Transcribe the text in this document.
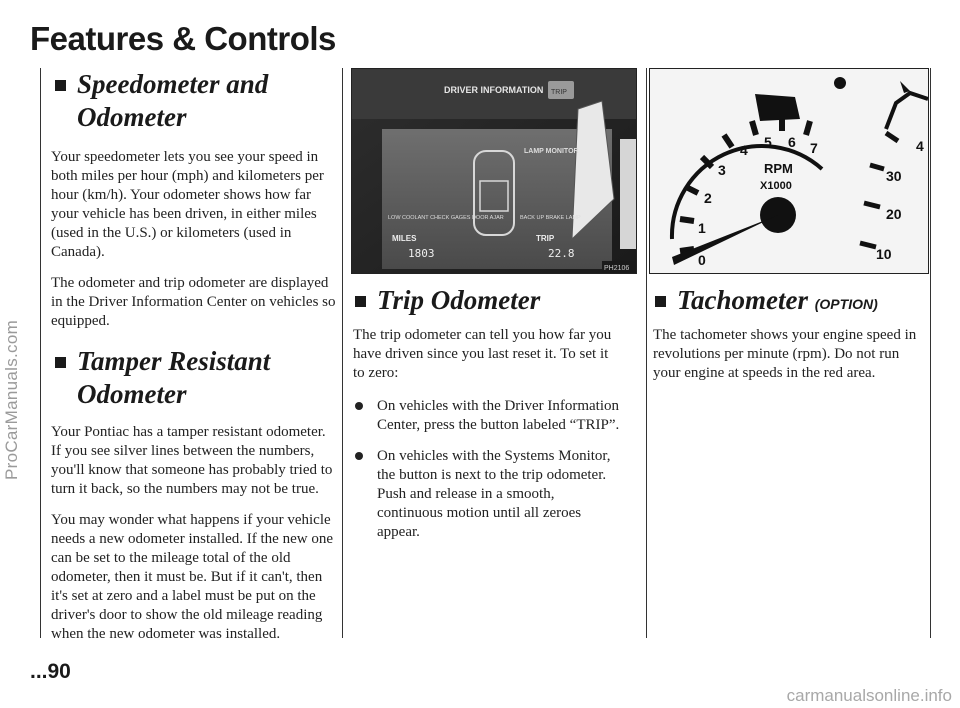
ProCarManuals.com
carmanualsonline.info
Features & Controls
Speedometer and
Odometer

Your speedometer lets you see your speed in both miles per hour (mph) and kilometers per hour (km/h). Your odometer shows how far your vehicle has been driven, in either miles (used in the U.S.) or kilometers (used in Canada).

The odometer and trip odometer are displayed in the Driver Information Center on vehicles so equipped.

Tamper Resistant
Odometer

Your Pontiac has a tamper resistant odometer. If you see silver lines between the numbers, you'll know that someone has probably tried to turn it back, so the numbers may not be true.

You may wonder what happens if your vehicle needs a new odometer installed. If the new one can be set to the mileage total of the old odometer, then it must be. But if it can't, then it's set at zero and a label must be put on the driver's door to show the old mileage reading when the new odometer was installed.

DRIVER INFORMATION TRIP
LAMP MONITOR
LOW COOLANT CHECK GAGES DOOR AJAR	BACK UP BRAKE LAMP
MILES
1803
TRIP
22.8
PH2106
Trip Odometer

The trip odometer can tell you how far you have driven since you last reset it. To set it to zero:

On vehicles with the Driver Information Center, press the button labeled “TRIP”.
On vehicles with the Systems Monitor, the button is next to the trip odometer. Push and release in a smooth, continuous motion until all zeroes appear.
0
1
2
3
4 5 6 7
RPM
X1000
30
20
10
4
Tachometer (OPTION)

The tachometer shows your engine speed in revolutions per minute (rpm). Do not run your engine at speeds in the red area.

...90
